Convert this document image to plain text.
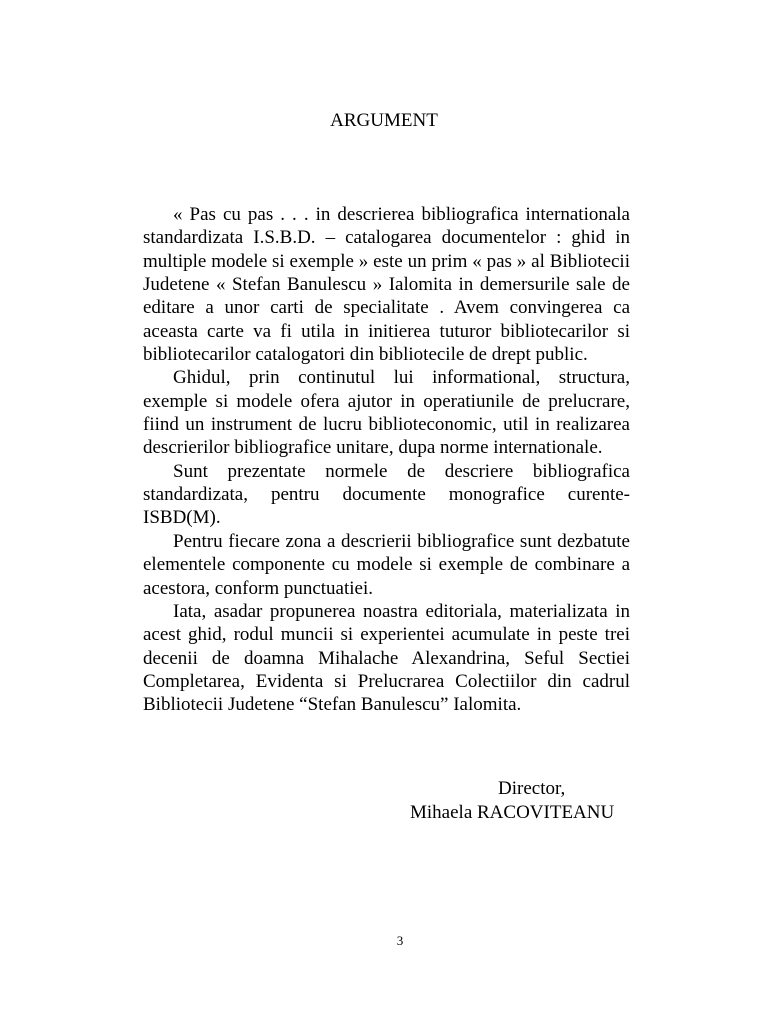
ARGUMENT

« Pas cu pas . . . in descrierea bibliografica internationala standardizata I.S.B.D. – catalogarea documentelor : ghid in multiple modele si exemple » este un prim « pas » al Bibliotecii Judetene « Stefan Banulescu » Ialomita in demersurile sale de editare a unor carti de specialitate . Avem convingerea ca aceasta carte va fi utila in initierea tuturor bibliotecarilor si bibliotecarilor catalogatori din bibliotecile de drept public.

Ghidul, prin continutul lui informational, structura, exemple si modele ofera ajutor in operatiunile de prelucrare, fiind un instrument de lucru biblioteconomic, util in realizarea descrierilor bibliografice unitare, dupa norme internationale.

Sunt prezentate normele de descriere bibliografica standardizata, pentru documente monografice curente-ISBD(M).

Pentru fiecare zona a descrierii bibliografice sunt dezbatute elementele componente cu modele si exemple de combinare a acestora, conform punctuatiei.

Iata, asadar propunerea noastra editoriala, materializata in acest ghid, rodul muncii si experientei acumulate in peste trei decenii de doamna Mihalache Alexandrina, Seful Sectiei Completarea, Evidenta si Prelucrarea Colectiilor din cadrul Bibliotecii Judetene “Stefan Banulescu” Ialomita.

Director,
Mihaela RACOVITEANU
3
